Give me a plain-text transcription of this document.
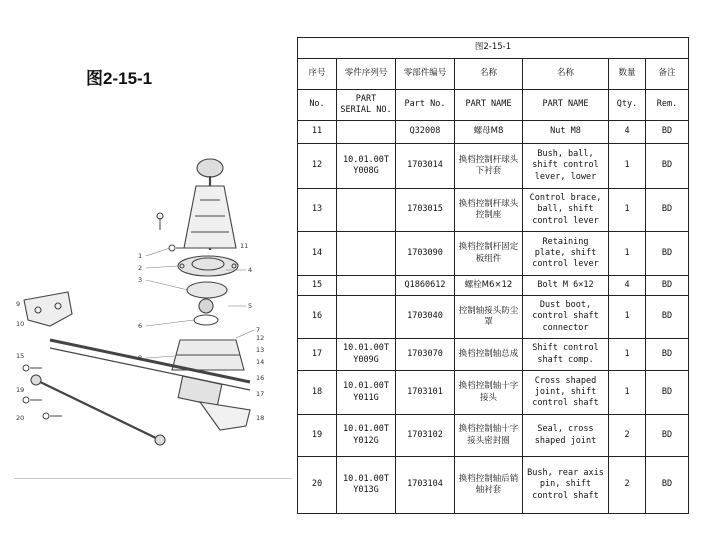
图2-15-1
1
2
3
4
5
6	7
8
9
10
11
12
13
14
15
16
17
18
19
20
图2-15-1						
序号	零件序列号	零部件编号	名称	名称	数量	备注
No.	PART SERIAL NO.	Part No.	PART NAME	PART NAME	Qty.	Rem.
11		Q32008	螺母M8	Nut M8	4	BD
12	10.01.00T Y008G	1703014	换档控制杆球头下衬套	Bush, ball, shift control lever, lower	1	BD
13		1703015	换档控制杆球头控制座	Control brace, ball, shift control lever	1	BD
14		1703090	换档控制杆固定板组件	Retaining plate, shift control lever	1	BD
15		Q1860612	螺栓M6×12	Bolt M 6×12	4	BD
16		1703040	控制轴接头防尘罩	Dust boot, control shaft connector	1	BD
17	10.01.00T Y009G	1703070	换档控制轴总成	Shift control shaft comp.	1	BD
18	10.01.00T Y011G	1703101	换档控制轴十字接头	Cross shaped joint, shift control shaft	1	BD
19	10.01.00T Y012G	1703102	换档控制轴十字接头密封圈	Seal, cross shaped joint	2	BD
20	10.01.00T Y013G	1703104	换档控制轴后销轴衬套	Bush, rear axis pin, shift control shaft	2	BD
